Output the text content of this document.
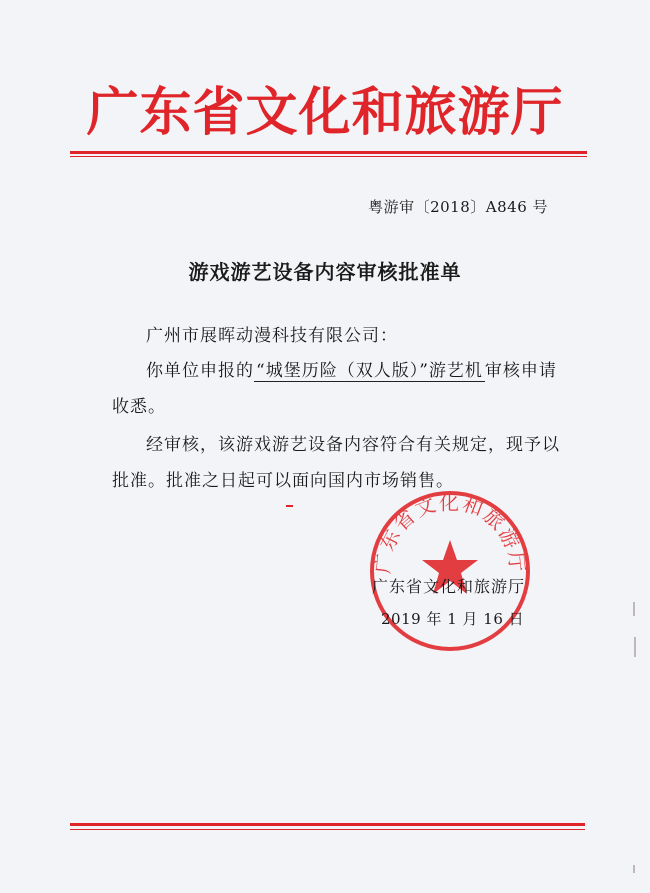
广东省文化和旅游厅
粤游审〔2018〕A846 号
游戏游艺设备内容审核批准单
广州市展晖动漫科技有限公司：
你单位申报的 “城堡历险（双人版）”游艺机 审核申请收悉。
经审核，该游戏游艺设备内容符合有关规定，现予以批准。批准之日起可以面向国内市场销售。
广东省文化和旅游厅
广东省文化和旅游厅
2019 年 1 月 16 日
